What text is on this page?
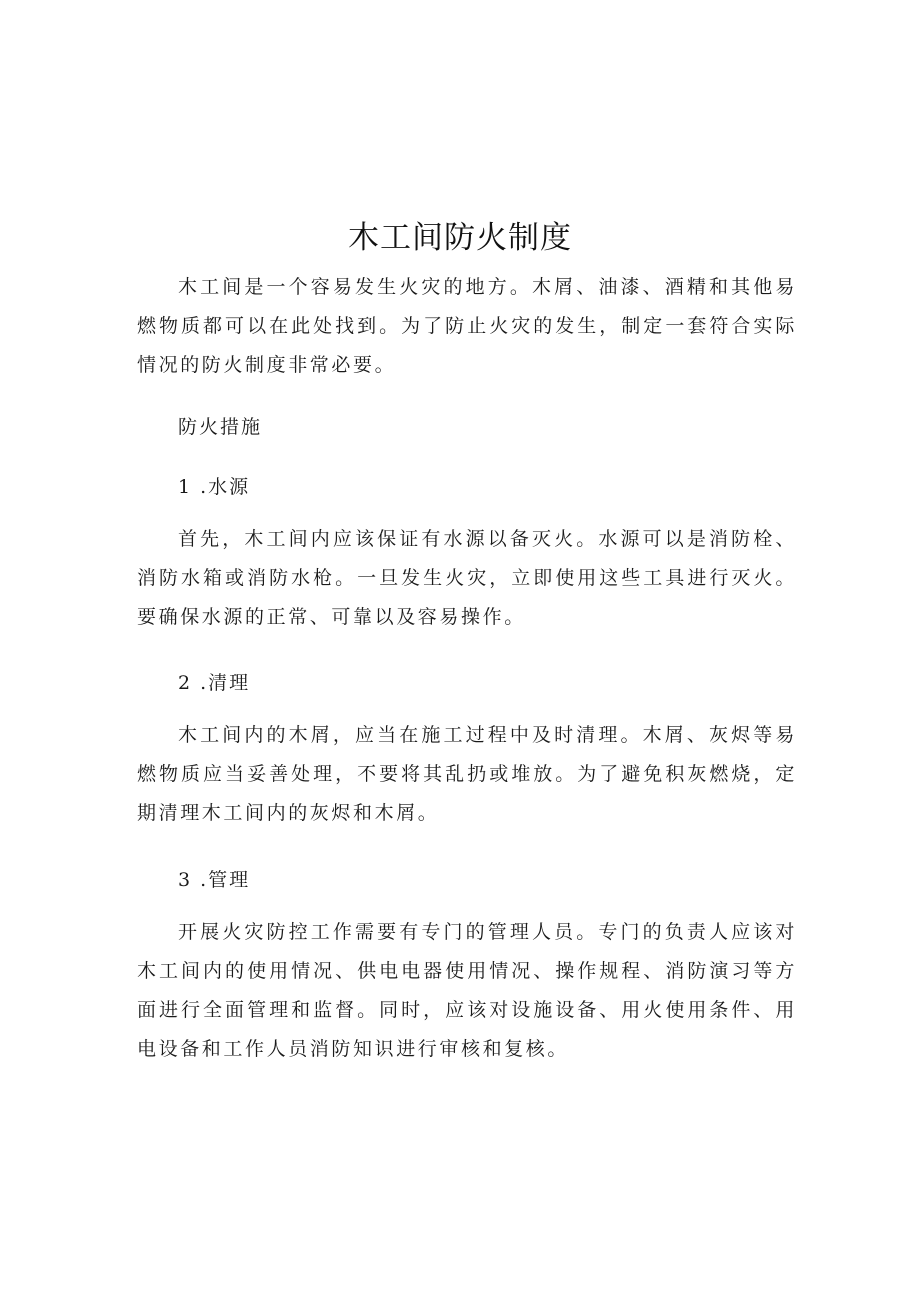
木工间防火制度

木工间是一个容易发生火灾的地方。木屑、油漆、酒精和其他易燃物质都可以在此处找到。为了防止火灾的发生，制定一套符合实际情况的防火制度非常必要。

防火措施

1 .水源

首先，木工间内应该保证有水源以备灭火。水源可以是消防栓、消防水箱或消防水枪。一旦发生火灾，立即使用这些工具进行灭火。要确保水源的正常、可靠以及容易操作。

2 .清理

木工间内的木屑，应当在施工过程中及时清理。木屑、灰烬等易燃物质应当妥善处理，不要将其乱扔或堆放。为了避免积灰燃烧，定期清理木工间内的灰烬和木屑。

3 .管理

开展火灾防控工作需要有专门的管理人员。专门的负责人应该对木工间内的使用情况、供电电器使用情况、操作规程、消防演习等方面进行全面管理和监督。同时，应该对设施设备、用火使用条件、用电设备和工作人员消防知识进行审核和复核。
